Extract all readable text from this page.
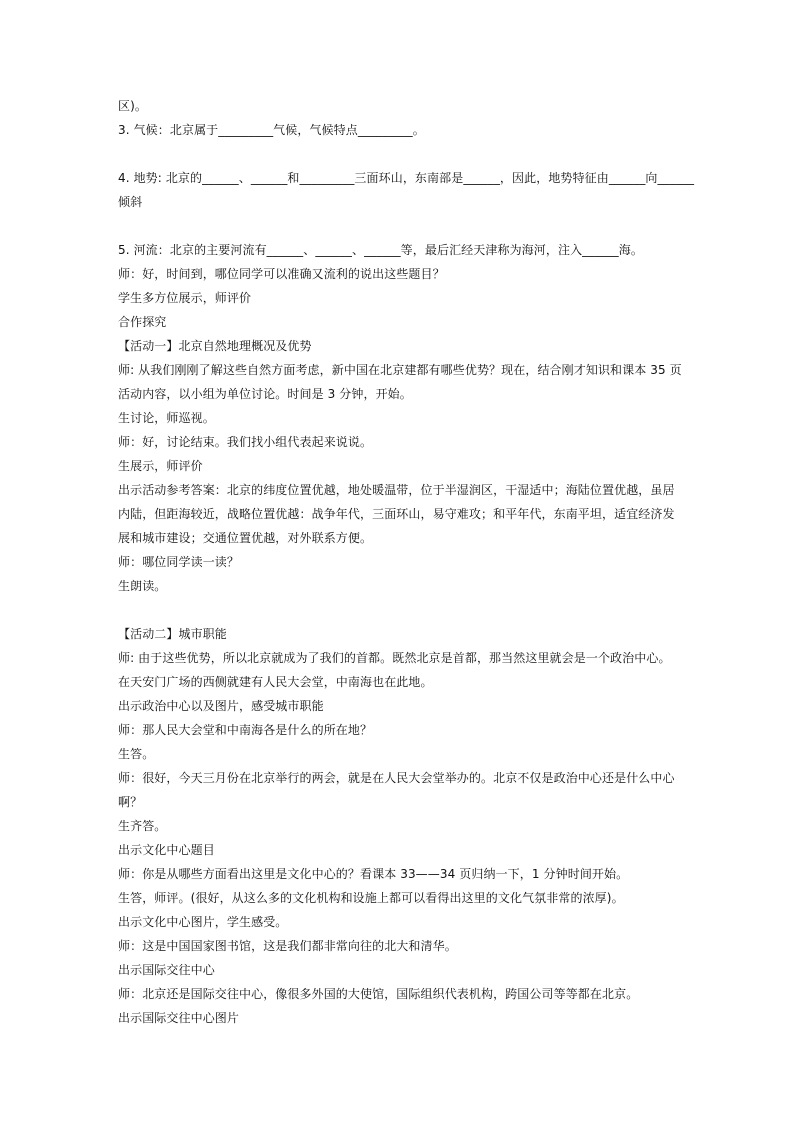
区)。
3. 气候：北京属于_________气候，气候特点_________。
4. 地势: 北京的______、______和_________三面环山，东南部是______，因此，地势特征由______向______
倾斜
5. 河流：北京的主要河流有______、______、______等，最后汇经天津称为海河，注入______海。
师：好，时间到，哪位同学可以准确又流利的说出这些题目？
学生多方位展示，师评价
合作探究
【活动一】北京自然地理概况及优势
师: 从我们刚刚了解这些自然方面考虑，新中国在北京建都有哪些优势？现在，结合刚才知识和课本 35 页
活动内容，以小组为单位讨论。时间是 3 分钟，开始。
生讨论，师巡视。
师：好，讨论结束。我们找小组代表起来说说。
生展示，师评价
出示活动参考答案：北京的纬度位置优越，地处暖温带，位于半湿润区，干湿适中；海陆位置优越，虽居
内陆，但距海较近，战略位置优越：战争年代，三面环山，易守难攻；和平年代，东南平坦，适宜经济发
展和城市建设；交通位置优越，对外联系方便。
师：哪位同学读一读？
生朗读。
【活动二】城市职能
师: 由于这些优势，所以北京就成为了我们的首都。既然北京是首都，那当然这里就会是一个政治中心。
在天安门广场的西侧就建有人民大会堂，中南海也在此地。
出示政治中心以及图片，感受城市职能
师：那人民大会堂和中南海各是什么的所在地？
生答。
师：很好，今天三月份在北京举行的两会，就是在人民大会堂举办的。北京不仅是政治中心还是什么中心
啊？
生齐答。
出示文化中心题目
师：你是从哪些方面看出这里是文化中心的？看课本 33——34 页归纳一下，1 分钟时间开始。
生答，师评。(很好，从这么多的文化机构和设施上都可以看得出这里的文化气氛非常的浓厚)。
出示文化中心图片，学生感受。
师：这是中国国家图书馆，这是我们都非常向往的北大和清华。
出示国际交往中心
师：北京还是国际交往中心，像很多外国的大使馆，国际组织代表机构，跨国公司等等都在北京。
出示国际交往中心图片
